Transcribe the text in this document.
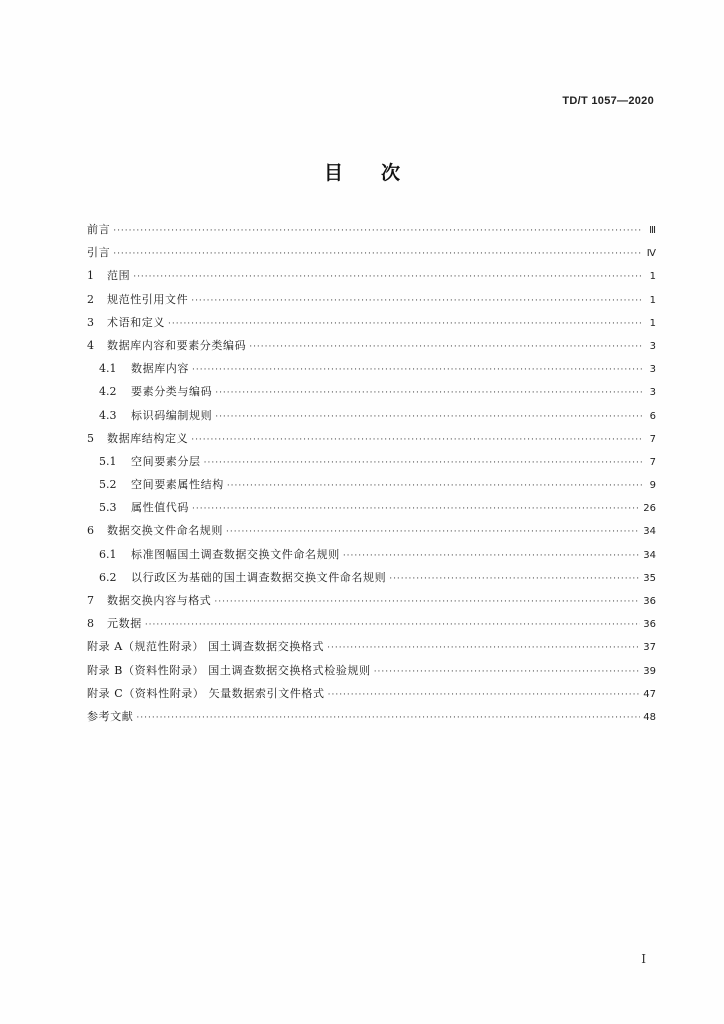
TD/T 1057—2020
目次
前言 ·····	Ⅲ
引言 ·····	Ⅳ
1	范围 ·····	1
2	规范性引用文件 ·····	1
3	术语和定义 ·····	1
4	数据库内容和要素分类编码 ·····	3
4.1	数据库内容 ·····	3
4.2	要素分类与编码 ·····	3
4.3	标识码编制规则 ·····	6
5	数据库结构定义 ·····	7
5.1	空间要素分层 ·····	7
5.2	空间要素属性结构 ·····	9
5.3	属性值代码 ·····	26
6	数据交换文件命名规则 ·····	34
6.1	标准图幅国土调查数据交换文件命名规则 ·····	34
6.2	以行政区为基础的国土调查数据交换文件命名规则 ·····	35
7	数据交换内容与格式 ·····	36
8	元数据 ·····	36
附录 A（规范性附录） 国土调查数据交换格式 ·····	37
附录 B（资料性附录） 国土调查数据交换格式检验规则 ·····	39
附录 C（资料性附录） 矢量数据索引文件格式 ·····	47
参考文献 ·····	48
Ⅰ
